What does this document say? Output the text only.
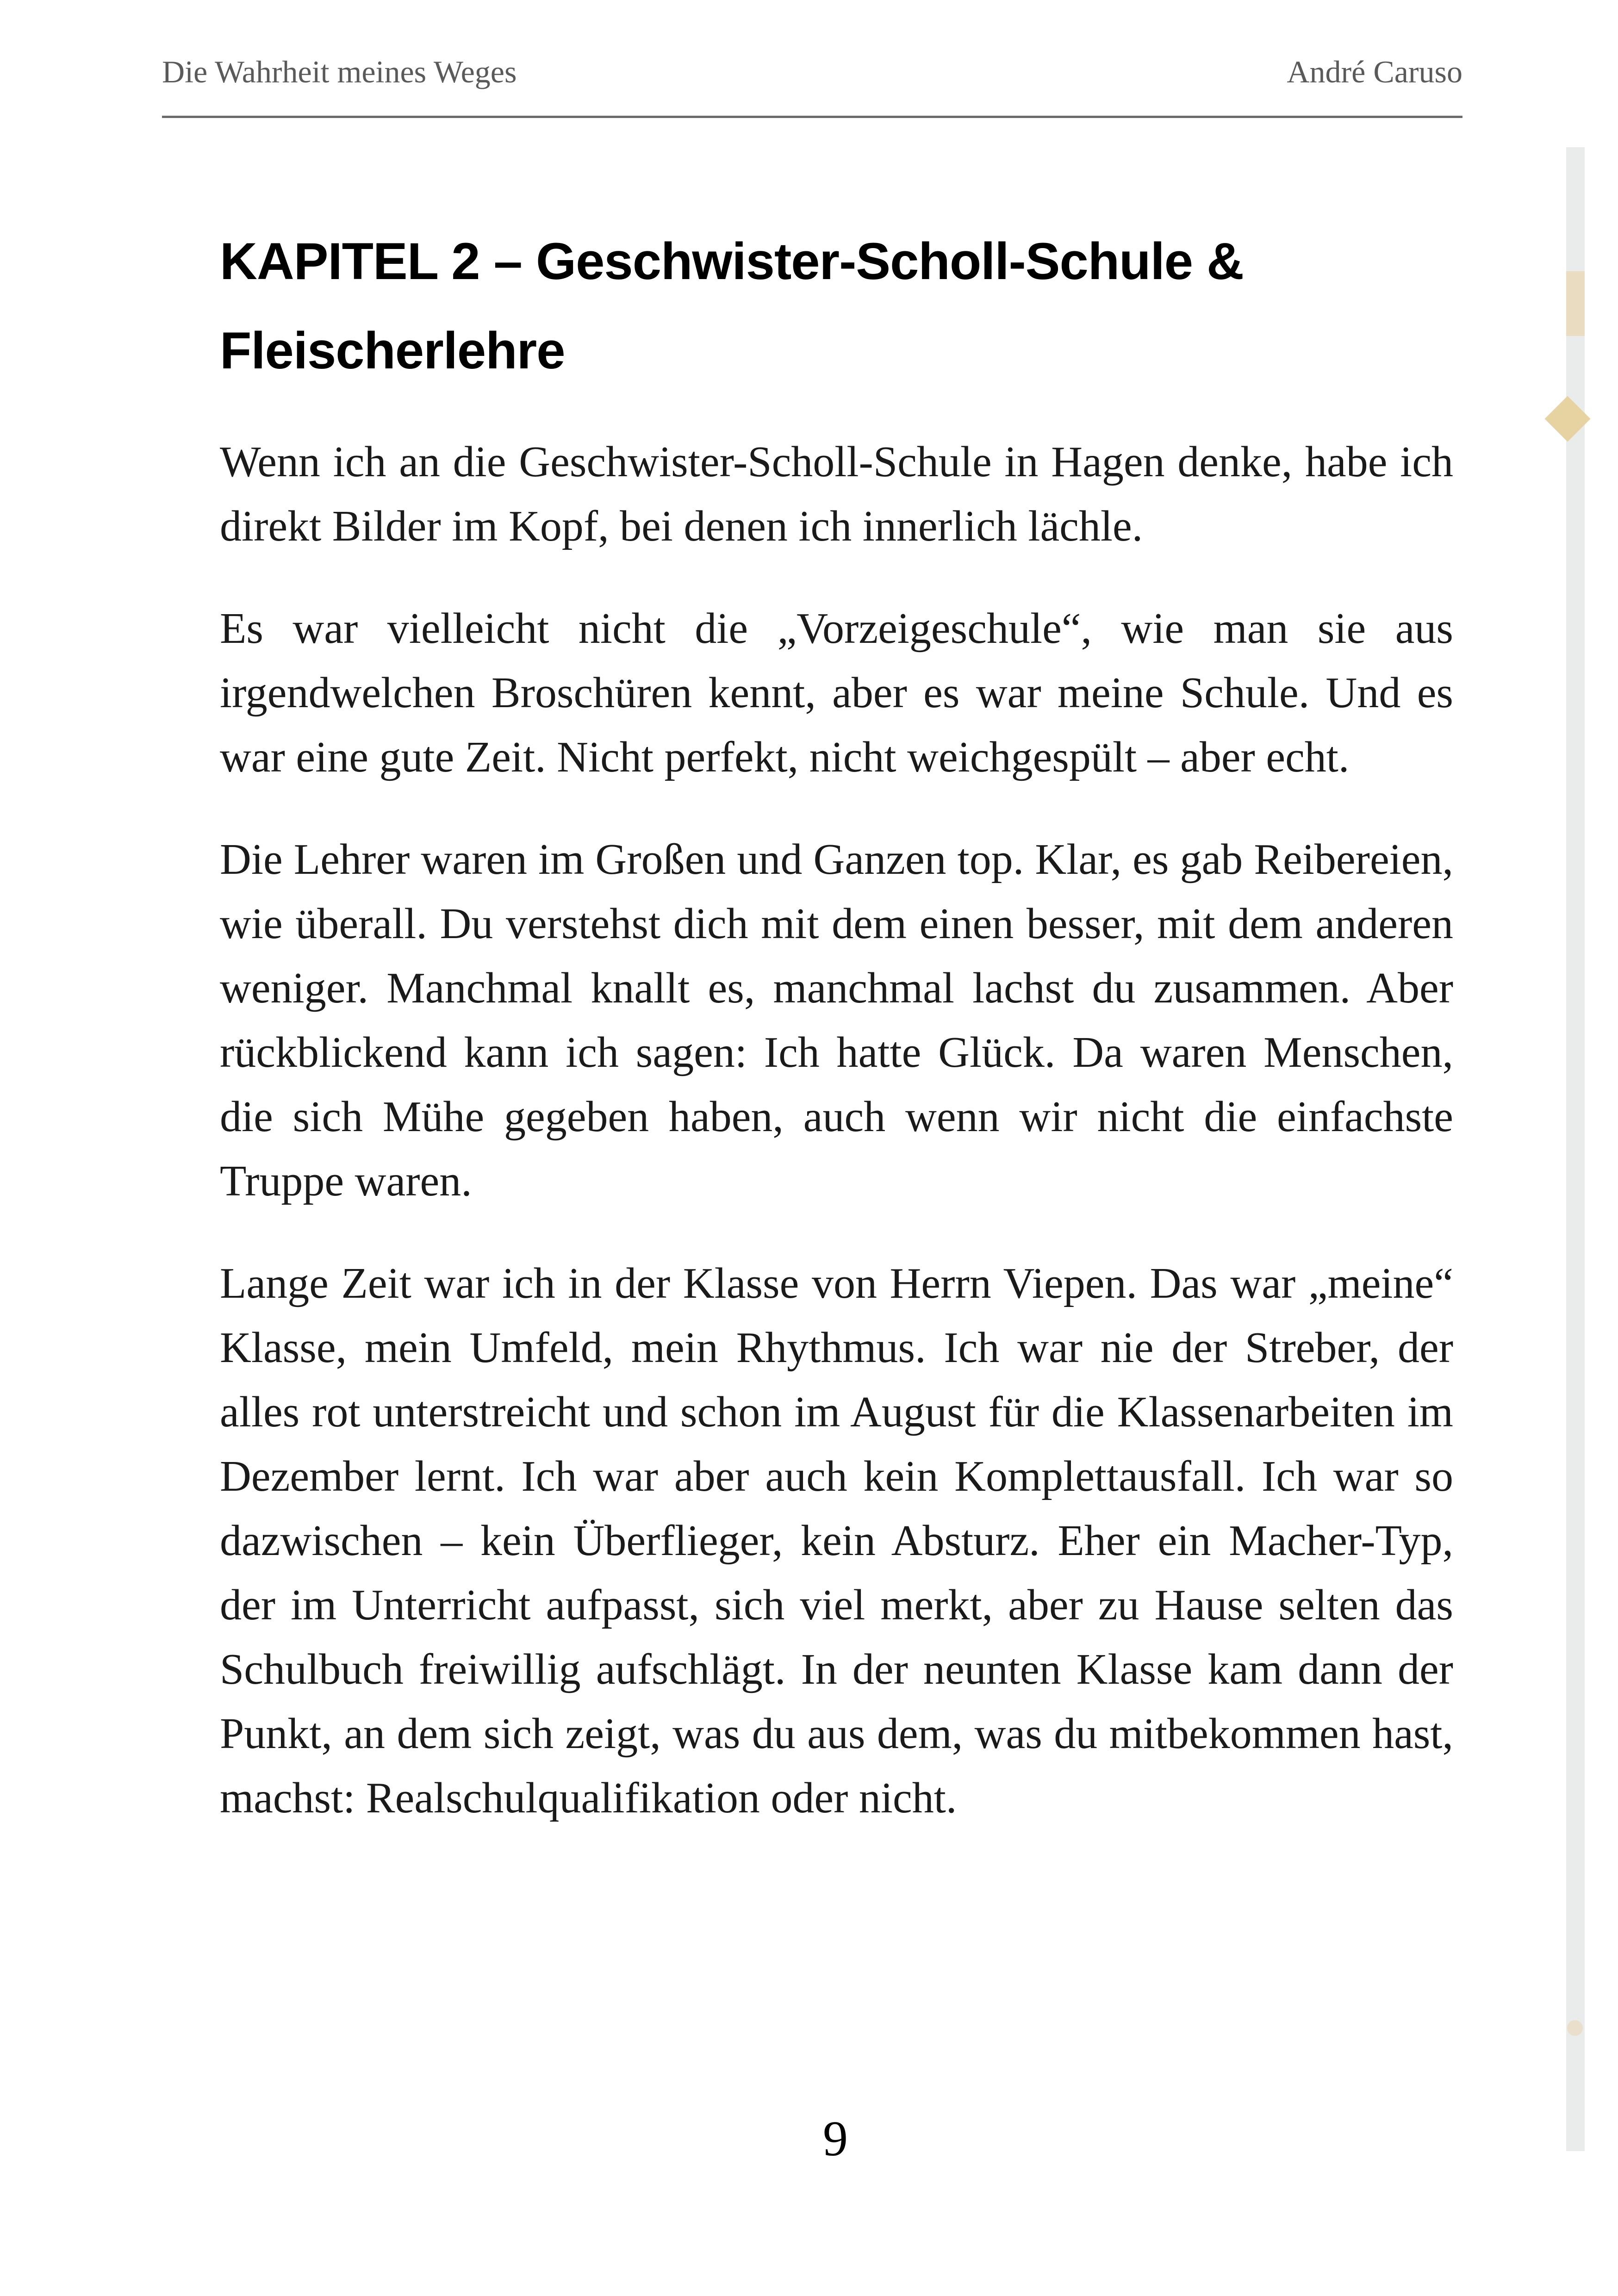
Die Wahrheit meines Weges	André Caruso
KAPITEL 2 – Geschwister-Scholl-Schule & Fleischerlehre

Wenn ich an die Geschwister-Scholl-Schule in Hagen denke, habe ich direkt Bilder im Kopf, bei denen ich innerlich lächle.

Es war vielleicht nicht die „Vorzeigeschule“, wie man sie aus irgendwelchen Broschüren kennt, aber es war meine Schule. Und es war eine gute Zeit. Nicht perfekt, nicht weichgespült – aber echt.

Die Lehrer waren im Großen und Ganzen top. Klar, es gab Reibereien, wie überall. Du verstehst dich mit dem einen besser, mit dem anderen weniger. Manchmal knallt es, manchmal lachst du zusammen. Aber rückblickend kann ich sagen: Ich hatte Glück. Da waren Menschen, die sich Mühe gegeben haben, auch wenn wir nicht die einfachste Truppe waren.

Lange Zeit war ich in der Klasse von Herrn Viepen. Das war „meine“ Klasse, mein Umfeld, mein Rhythmus. Ich war nie der Streber, der alles rot unterstreicht und schon im August für die Klassenarbeiten im Dezember lernt. Ich war aber auch kein Komplettausfall. Ich war so dazwischen – kein Überflieger, kein Absturz. Eher ein Macher-Typ, der im Unterricht aufpasst, sich viel merkt, aber zu Hause selten das Schulbuch freiwillig aufschlägt. In der neunten Klasse kam dann der Punkt, an dem sich zeigt, was du aus dem, was du mitbekommen hast, machst: Realschulqualifikation oder nicht.

9
